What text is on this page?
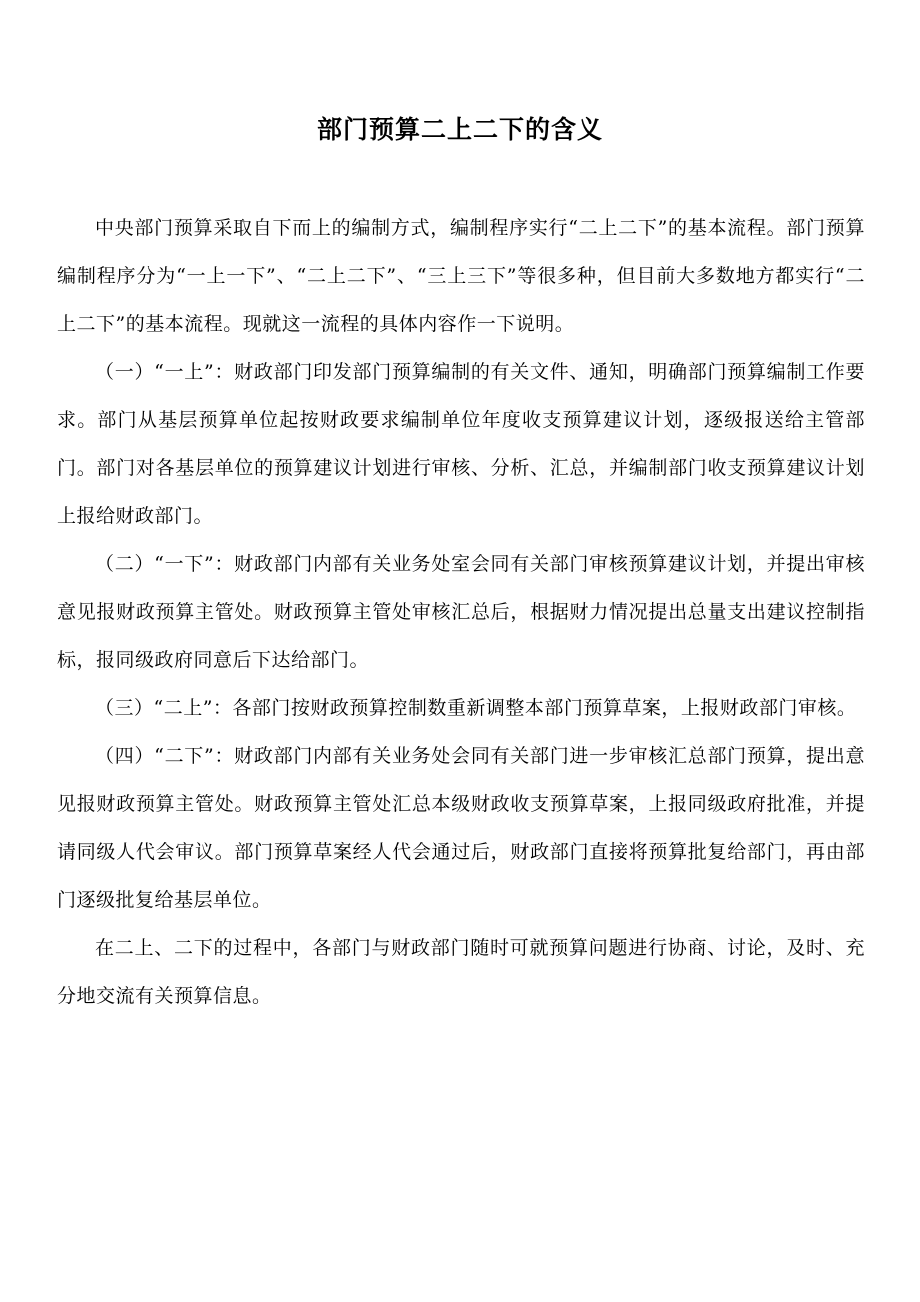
部门预算二上二下的含义

中央部门预算采取自下而上的编制方式，编制程序实行“二上二下”的基本流程。部门预算编制程序分为“一上一下”、“二上二下”、“三上三下”等很多种，但目前大多数地方都实行“二上二下”的基本流程。现就这一流程的具体内容作一下说明。

（一）“一上”：财政部门印发部门预算编制的有关文件、通知，明确部门预算编制工作要求。部门从基层预算单位起按财政要求编制单位年度收支预算建议计划，逐级报送给主管部门。部门对各基层单位的预算建议计划进行审核、分析、汇总，并编制部门收支预算建议计划上报给财政部门。

（二）“一下”：财政部门内部有关业务处室会同有关部门审核预算建议计划，并提出审核意见报财政预算主管处。财政预算主管处审核汇总后，根据财力情况提出总量支出建议控制指标，报同级政府同意后下达给部门。

（三）“二上”：各部门按财政预算控制数重新调整本部门预算草案，上报财政部门审核。

（四）“二下”：财政部门内部有关业务处会同有关部门进一步审核汇总部门预算，提出意见报财政预算主管处。财政预算主管处汇总本级财政收支预算草案，上报同级政府批准，并提请同级人代会审议。部门预算草案经人代会通过后，财政部门直接将预算批复给部门，再由部门逐级批复给基层单位。

在二上、二下的过程中，各部门与财政部门随时可就预算问题进行协商、讨论，及时、充分地交流有关预算信息。
